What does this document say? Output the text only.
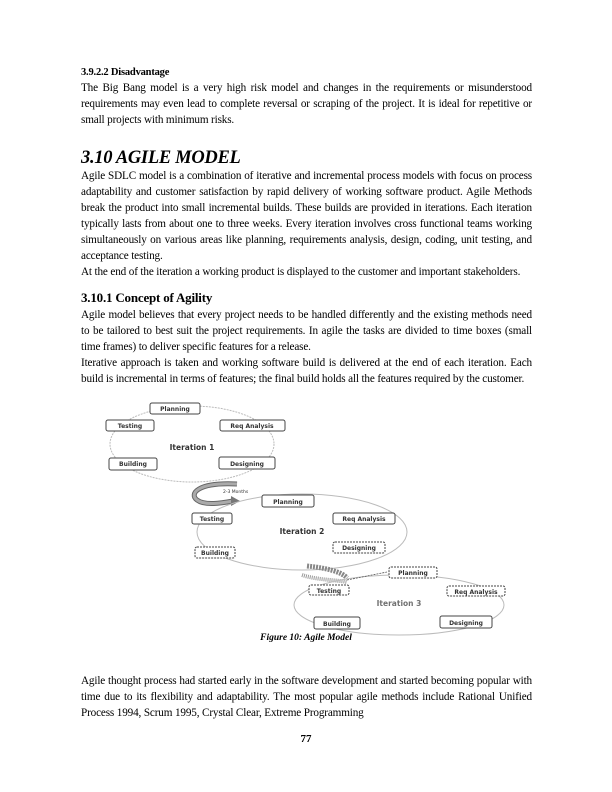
3.9.2.2 Disadvantage
The Big Bang model is a very high risk model and changes in the requirements or misunderstood requirements may even lead to complete reversal or scraping of the project. It is ideal for repetitive or small projects with minimum risks.
3.10 AGILE MODEL
Agile SDLC model is a combination of iterative and incremental process models with focus on process adaptability and customer satisfaction by rapid delivery of working software product. Agile Methods break the product into small incremental builds. These builds are provided in iterations. Each iteration typically lasts from about one to three weeks. Every iteration involves cross functional teams working simultaneously on various areas like planning, requirements analysis, design, coding, unit testing, and acceptance testing.
At the end of the iteration a working product is displayed to the customer and important stakeholders.
3.10.1 Concept of Agility
Agile model believes that every project needs to be handled differently and the existing methods need to be tailored to best suit the project requirements. In agile the tasks are divided to time boxes (small time frames) to deliver specific features for a release.
Iterative approach is taken and working software build is delivered at the end of each iteration. Each build is incremental in terms of features; the final build holds all the features required by the customer.
Agile thought process had started early in the software development and started becoming popular with time due to its flexibility and adaptability. The most popular agile methods include Rational Unified Process 1994, Scrum 1995, Crystal Clear, Extreme Programming
Planning
Testing	Req Analysis
Building	Designing
Iteration 1
2-3 Months
Planning
Testing	Req Analysis
Building
Designing
Iteration 2
Planning
Testing	Req Analysis
Building	Designing
Iteration 3
Figure 10: Agile Model
77
